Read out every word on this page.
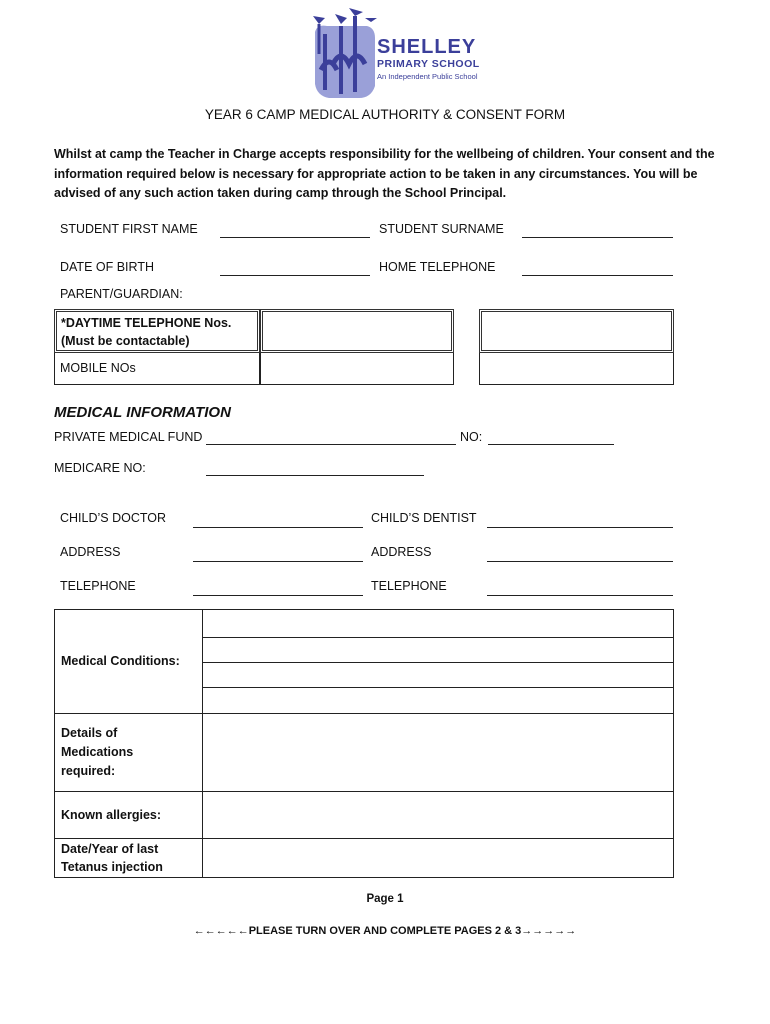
SHELLEY
PRIMARY SCHOOL
An Independent Public School
YEAR 6 CAMP MEDICAL AUTHORITY & CONSENT FORM
Whilst at camp the Teacher in Charge accepts responsibility for the wellbeing of children. Your consent and the information required below is necessary for appropriate action to be taken in any circumstances. You will be advised of any such action taken during camp through the School Principal.
STUDENT FIRST NAME	STUDENT SURNAME
DATE OF BIRTH	HOME TELEPHONE
PARENT/GUARDIAN:
*DAYTIME TELEPHONE Nos.
(Must be contactable)
MOBILE NOs
MEDICAL INFORMATION
PRIVATE MEDICAL FUND	NO:
MEDICARE NO:
CHILD’S DOCTOR	CHILD’S DENTIST
ADDRESS	ADDRESS
TELEPHONE	TELEPHONE
Medical Conditions:	

Details of Medications required:	
Known allergies:	
Date/Year of last Tetanus injection	
Page 1
←←←←←PLEASE TURN OVER AND COMPLETE PAGES 2 & 3→→→→→
